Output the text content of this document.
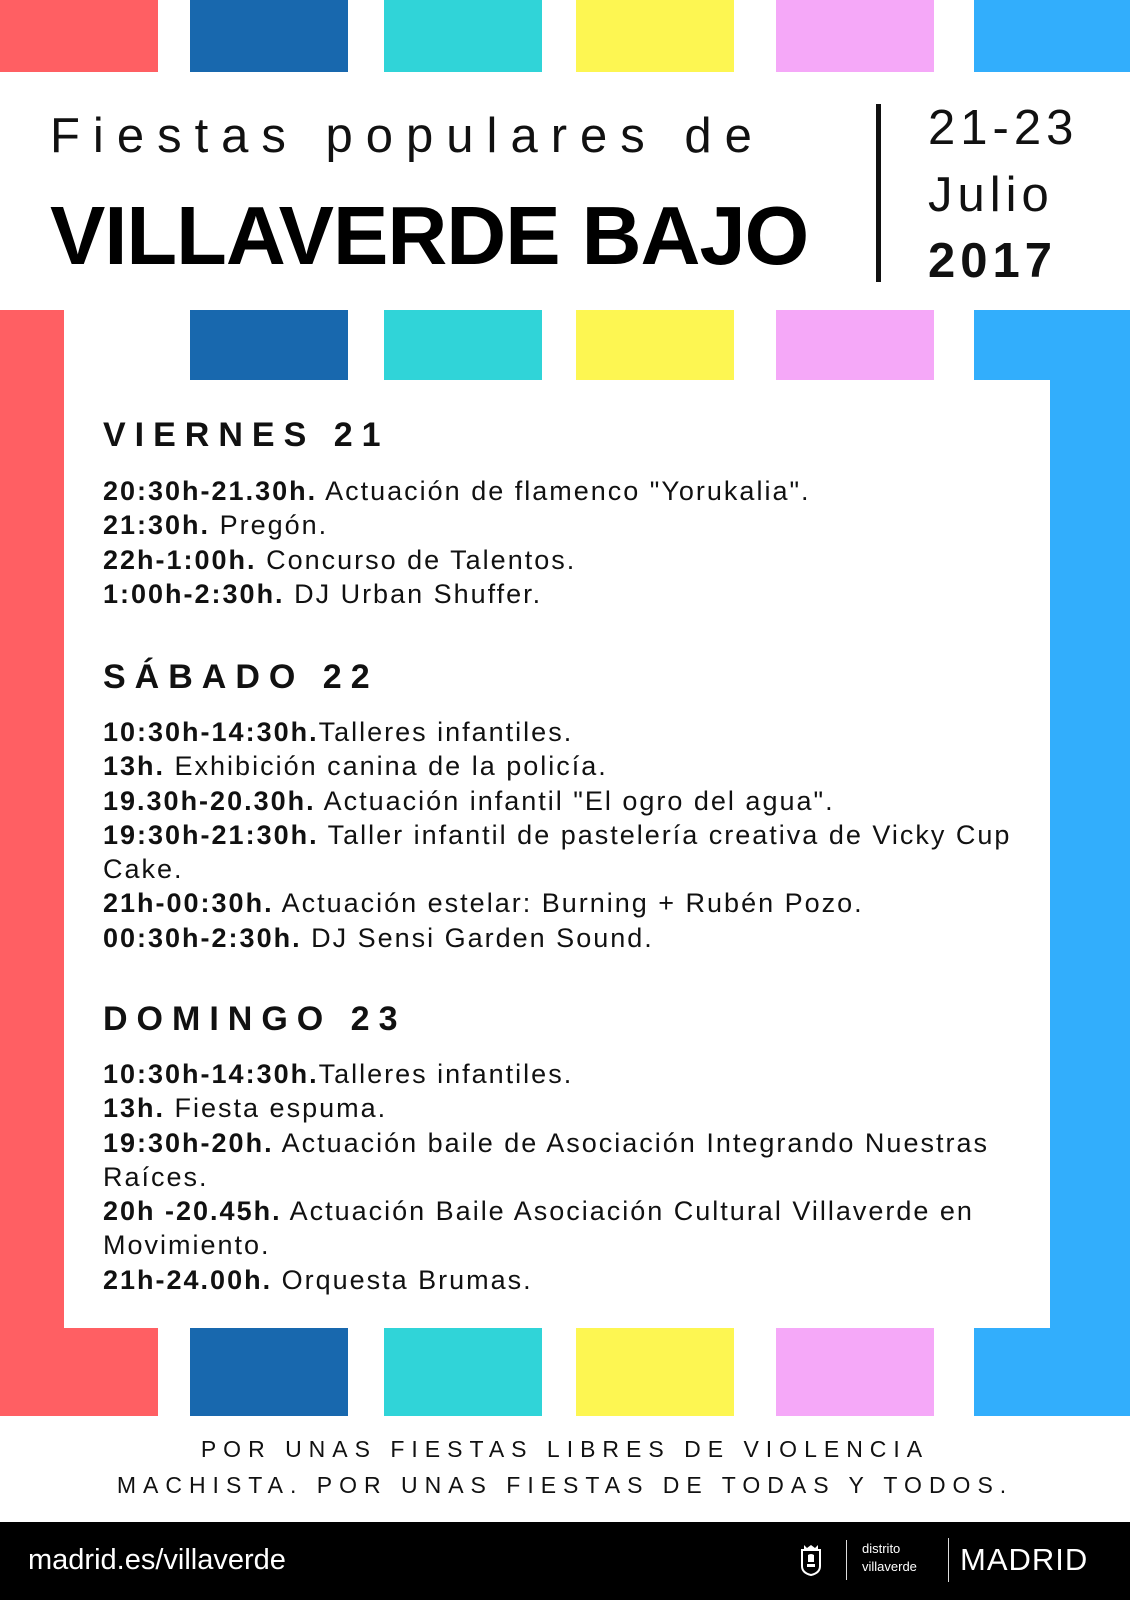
Fiestas populares de
VILLAVERDE BAJO
21-23
Julio
2017
VIERNES 21
20:30h-21.30h. Actuación de flamenco "Yorukalia".
21:30h. Pregón.
22h-1:00h. Concurso de Talentos.
1:00h-2:30h. DJ Urban Shuffer.
SÁBADO 22
10:30h-14:30h.Talleres infantiles.
13h. Exhibición canina de la policía.
19.30h-20.30h. Actuación infantil "El ogro del agua".
19:30h-21:30h. Taller infantil de pastelería creativa de Vicky Cup Cake.
21h-00:30h. Actuación estelar: Burning + Rubén Pozo.
00:30h-2:30h. DJ Sensi Garden Sound.
DOMINGO 23
10:30h-14:30h.Talleres infantiles.
13h. Fiesta espuma.
19:30h-20h. Actuación baile de Asociación Integrando Nuestras Raíces.
20h -20.45h. Actuación Baile Asociación Cultural Villaverde en Movimiento.
21h-24.00h. Orquesta Brumas.
POR UNAS FIESTAS LIBRES DE VIOLENCIA
MACHISTA. POR UNAS FIESTAS DE TODAS Y TODOS.
madrid.es/villaverde	distrito
villaverde MADRID
